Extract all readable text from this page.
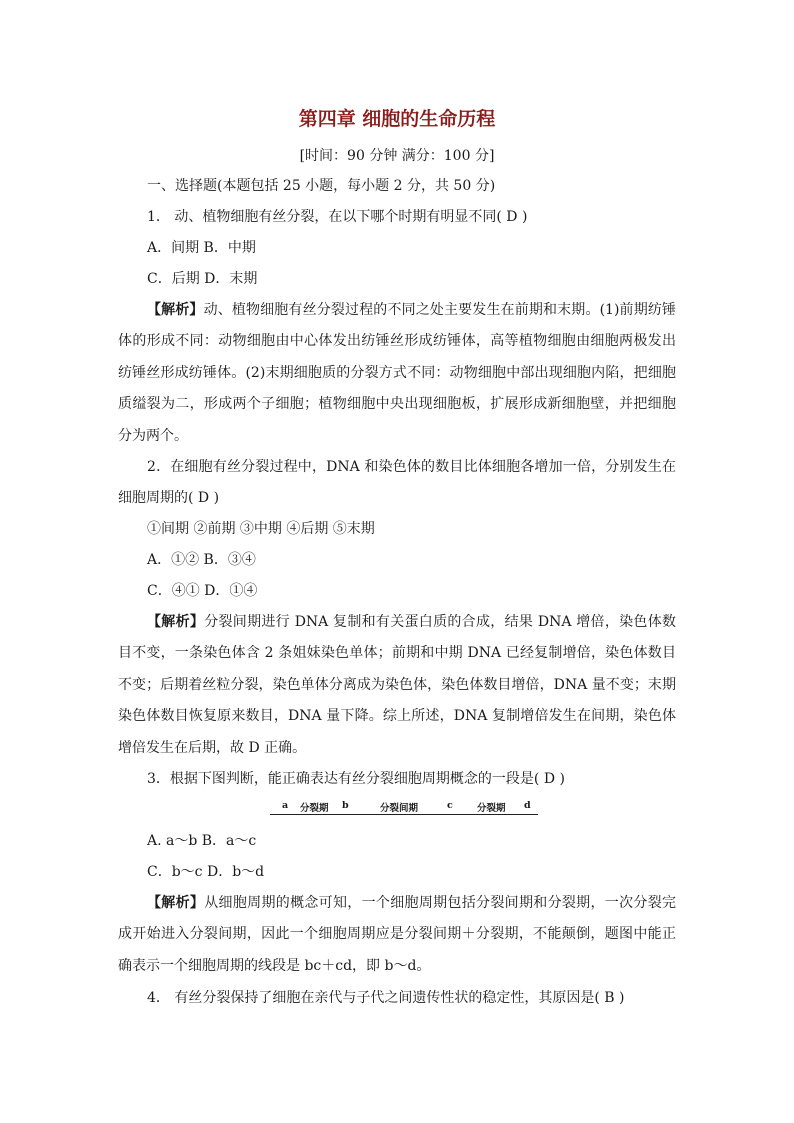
第四章 细胞的生命历程
[时间：90 分钟 满分：100 分]
一、选择题(本题包括 25 小题，每小题 2 分，共 50 分)
1． 动、植物细胞有丝分裂，在以下哪个时期有明显不同( D )
A．间期 B．中期
C．后期 D．末期
【解析】动、植物细胞有丝分裂过程的不同之处主要发生在前期和末期。(1)前期纺锤体的形成不同：动物细胞由中心体发出纺锤丝形成纺锤体，高等植物细胞由细胞两极发出纺锤丝形成纺锤体。(2)末期细胞质的分裂方式不同：动物细胞中部出现细胞内陷，把细胞质缢裂为二，形成两个子细胞；植物细胞中央出现细胞板，扩展形成新细胞壁，并把细胞分为两个。
2．在细胞有丝分裂过程中，DNA 和染色体的数目比体细胞各增加一倍，分别发生在细胞周期的( D )
①间期 ②前期 ③中期 ④后期 ⑤末期
A．①② B．③④
C．④① D．①④
【解析】分裂间期进行 DNA 复制和有关蛋白质的合成，结果 DNA 增倍，染色体数目不变，一条染色体含 2 条姐妹染色单体；前期和中期 DNA 已经复制增倍，染色体数目不变；后期着丝粒分裂，染色单体分离成为染色体，染色体数目增倍，DNA 量不变；末期染色体数目恢复原来数目，DNA 量下降。综上所述，DNA 复制增倍发生在间期，染色体增倍发生在后期，故 D 正确。
3．根据下图判断，能正确表达有丝分裂细胞周期概念的一段是( D )
a 分裂期 b	分裂间期	c	分裂期 d
A. a～b B．a～c
C．b～c D．b～d
【解析】从细胞周期的概念可知，一个细胞周期包括分裂间期和分裂期，一次分裂完成开始进入分裂间期，因此一个细胞周期应是分裂间期＋分裂期，不能颠倒，题图中能正确表示一个细胞周期的线段是 bc＋cd，即 b～d。
4． 有丝分裂保持了细胞在亲代与子代之间遗传性状的稳定性，其原因是( B )
